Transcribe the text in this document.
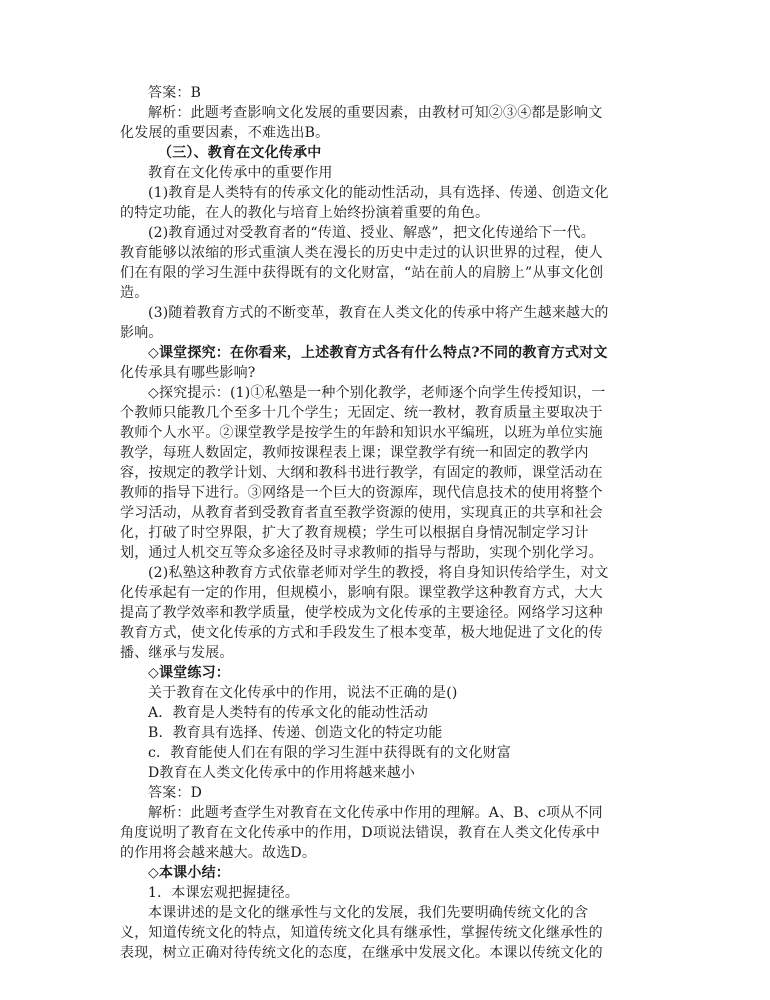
答案：B
解析：此题考查影响文化发展的重要因素，由教材可知②③④都是影响文
化发展的重要因素，不难选出B。
（三）、教育在文化传承中
教育在文化传承中的重要作用
(1)教育是人类特有的传承文化的能动性活动，具有选择、传递、创造文化
的特定功能，在人的教化与培育上始终扮演着重要的角色。
(2)教育通过对受教育者的“传道、授业、解惑”，把文化传递给下一代。
教育能够以浓缩的形式重演人类在漫长的历史中走过的认识世界的过程，使人
们在有限的学习生涯中获得既有的文化财富，“站在前人的肩膀上”从事文化创
造。
(3)随着教育方式的不断变革，教育在人类文化的传承中将产生越来越大的
影响。
◇课堂探究：在你看来，上述教育方式各有什么特点?不同的教育方式对文
化传承具有哪些影响?
◇探究提示：(1)①私塾是一种个别化教学，老师逐个向学生传授知识，一
个教师只能教几个至多十几个学生；无固定、统一教材，教育质量主要取决于
教师个人水平。②课堂教学是按学生的年龄和知识水平编班，以班为单位实施
教学，每班人数固定，教师按课程表上课；课堂教学有统一和固定的教学内
容，按规定的教学计划、大纲和教科书进行教学，有固定的教师，课堂活动在
教师的指导下进行。③网络是一个巨大的资源库，现代信息技术的使用将整个
学习活动，从教育者到受教育者直至教学资源的使用，实现真正的共享和社会
化，打破了时空界限，扩大了教育规模；学生可以根据自身情况制定学习计
划，通过人机交互等众多途径及时寻求教师的指导与帮助，实现个别化学习。
(2)私塾这种教育方式依靠老师对学生的教授，将自身知识传给学生，对文
化传承起有一定的作用，但规模小，影响有限。课堂教学这种教育方式，大大
提高了教学效率和教学质量，使学校成为文化传承的主要途径。网络学习这种
教育方式，使文化传承的方式和手段发生了根本变革，极大地促进了文化的传
播、继承与发展。
◇课堂练习：
关于教育在文化传承中的作用，说法不正确的是()
A．教育是人类特有的传承文化的能动性活动
B．教育具有选择、传递、创造文化的特定功能
c．教育能使人们在有限的学习生涯中获得既有的文化财富
D教育在人类文化传承中的作用将越来越小
答案：D
解析：此题考查学生对教育在文化传承中作用的理解。A、B、c项从不同
角度说明了教育在文化传承中的作用，D项说法错误，教育在人类文化传承中
的作用将会越来越大。故选D。
◇本课小结：
1．本课宏观把握捷径。
本课讲述的是文化的继承性与文化的发展，我们先要明确传统文化的含
义，知道传统文化的特点，知道传统文化具有继承性，掌握传统文化继承性的
表现，树立正确对待传统文化的态度，在继承中发展文化。本课以传统文化的
